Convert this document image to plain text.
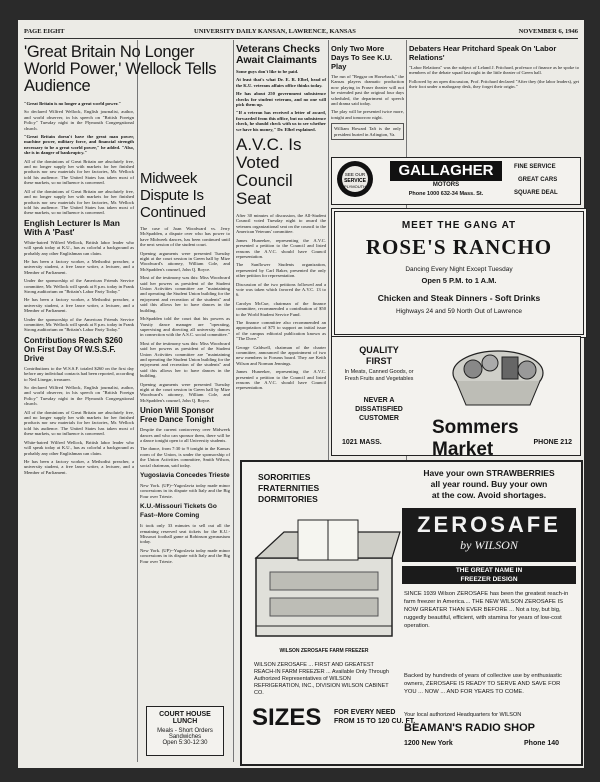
PAGE EIGHT	UNIVERSITY DAILY KANSAN, LAWRENCE, KANSAS	NOVEMBER 6, 1946
'Great Britain No Longer World Power,' Wellock Tells Audience

"Great Britain is no longer a great world power."

So declared Wilfred Wellock, English journalist, author, and world observer, in his speech on "British Foreign Policy" Tuesday night in the Plymouth Congregational church.

"Great Britain doesn't have the great man power, machine power, military force, and financial strength necessary to be a great world power," he added. "Also, she is in danger of bankruptcy."

All of the dominions of Great Britain are absolutely free, and no longer supply her with markets for her finished products nor raw materials for her factories, Mr. Wellock told his audience. The United States has taken most of these markets, so no influence is concerned.

All of the dominions of Great Britain are absolutely free, and no longer supply her with markets for her finished products nor raw materials for her factories, Mr. Wellock told his audience. The United States has taken most of these markets, so no influence is concerned.

English Lecturer Is Man With A 'Past'

White-haired Wilfred Wellock, British labor leader who will speak today at K.U., has as colorful a background as probably any other Englishman can claim.

He has been a factory worker, a Methodist preacher, a university student, a free lance writer, a lecturer, and a Member of Parliament.

Under the sponsorship of the American Friends Service committee, Mr. Wellock will speak at 8 p.m. today in Frank Strong auditorium on "Britain's Labor Party Today."

He has been a factory worker, a Methodist preacher, a university student, a free lance writer, a lecturer, and a Member of Parliament.

Under the sponsorship of the American Friends Service committee, Mr. Wellock will speak at 8 p.m. today in Frank Strong auditorium on "Britain's Labor Party Today."

Contributions Reach $260 On First Day Of W.S.S.F. Drive

Contributions to the W.S.S.F. totaled $260 on the first day before any individual contacts had been reported, according to Ned Linegar, treasurer.

So declared Wilfred Wellock, English journalist, author, and world observer, in his speech on "British Foreign Policy" Tuesday night in the Plymouth Congregational church.

All of the dominions of Great Britain are absolutely free, and no longer supply her with markets for her finished products nor raw materials for her factories, Mr. Wellock told his audience. The United States has taken most of these markets, so no influence is concerned.

White-haired Wilfred Wellock, British labor leader who will speak today at K.U., has as colorful a background as probably any other Englishman can claim.

He has been a factory worker, a Methodist preacher, a university student, a free lance writer, a lecturer, and a Member of Parliament.

Midweek Dispute Is Continued

The case of Joan Woodward vs. Jerry McSpadden, a dispute over who has power to have Midweek dances, has been continued until the next session of the student court.

Opening arguments were presented Tuesday night at the court session in Green hall by Mize Woodward's attorney, William Cole, and McSpadden's counsel, John Q. Royce.

Most of the testimony was this: Miss Woodward said her powers as president of the Student Union Activities committee are "maintaining and operating the Student Union building for the enjoyment and recreation of the students" and said this allows her to have dances in the building.

McSpadden told the court that his powers as Varsity dance manager are "operating, supervising and directing all university dances in connection with the A.S.C. social committee."

Most of the testimony was this: Miss Woodward said her powers as president of the Student Union Activities committee are "maintaining and operating the Student Union building for the enjoyment and recreation of the students" and said this allows her to have dances in the building.

Opening arguments were presented Tuesday night at the court session in Green hall by Mize Woodward's attorney, William Cole, and McSpadden's counsel, John Q. Royce.

Union Will Sponsor Free Dance Tonight

Despite the current controversy over Midweek dances and who can sponsor them, there will be a dance tonight open to all University students.

The dance, from 7:30 to 9 tonight in the Kansas room of the Union, is under the sponsorship of the Union Activities committee, Smith Wilson, social chairman, said today.

Yugoslavia Concedes Trieste

New York. (UP)--Yugoslavia today made minor concessions in its dispute with Italy and the Big Four over Trieste.

K.U.-Missouri Tickets Go Fast--More Coming

It took only 33 minutes to sell out all the remaining reserved seat tickets for the K.U.-Missouri football game at Robinson gymnasium today.

New York. (UP)--Yugoslavia today made minor concessions in its dispute with Italy and the Big Four over Trieste.

COURT HOUSE LUNCH
Meals - Short Orders
Sandwiches
Open 5:30-12:30
Veterans Checks Await Claimants

Some guys don't like to be paid.

At least that's what Dr. E. R. Elbel, head of the K.U. veterans affairs office thinks today.

He has about 250 government subsistence checks for student veterans, and no one will pick them up.

"If a veteran has received a letter of award, forwarded from this office, but no subsistence check, he should check with us to see whether we have his money," Dr. Elbel explained.

A.V.C. Is Voted Council Seat

After 30 minutes of discussion, the All-Student Council voted Tuesday night to award the veterans organizational seat on the council to the American Veterans' committee.

James Huneeker, representing the A.V.C. presented a petition to the Council and listed reasons the A.V.C. should have Council representation.

The Sunflower Students organization, represented by Carl Baker, presented the only other petition for representation.

Discussion of the two petitions followed and a vote was taken which favored the A.V.C. 13 to 6.

Carolyn McCue, chairman of the finance committee, recommended a contribution of $50 to the World Student Service Fund.

The finance committee also recommended an appropriation of $75 to support an initial issue of the campus editorial publication known as "The Dove."

George Caldwell, chairman of the charter committee, announced the appointment of two new members to Forums board. They are Keith Wilson and Norman Jennings.

James Huneeker, representing the A.V.C. presented a petition to the Council and listed reasons the A.V.C. should have Council representation.

Only Two More Days To See K.U. Play

The run of "Beggar on Horseback," the Kansas players dramatic production now playing in Fraser theater will not be extended past the original four days scheduled, the department of speech and drama said today.

The play will be presented twice more, tonight and tomorrow night.

William Howard Taft is the only president buried in Arlington, Va.

Debaters Hear Pritchard Speak On 'Labor Relations'

"Labor Relations" was the subject of Leland J. Pritchard, professor of finance as he spoke to members of the debate squad last night in the little theater of Green hall.

Followed by an open discussion, Prof. Pritchard declared "After they (the labor leaders), get their foot under a mahogany desk, they forget their origin."

SEE OUR
SERVICE
PLYMOUTH
GALLAGHER
MOTORS
Phone 1000 632-34 Mass. St.
FINE SERVICE
GREAT CARS
SQUARE DEAL
MEET THE GANG AT
ROSE'S RANCHO
Dancing Every Night Except Tuesday
Open 5 P.M. to 1 A.M.
Chicken and Steak Dinners - Soft Drinks
Highways 24 and 59 North Out of Lawrence
QUALITY
FIRST
In Meats, Canned Goods, or Fresh Fruits and Vegetables
NEVER A
DISSATISFIED
CUSTOMER	Sommers Market
1021 MASS.	PHONE 212
SORORITIES
FRATERNITIES
DORMITORIES
Have your own STRAWBERRIES
all year round. Buy your own
at the cow. Avoid shortages.
ZEROSAFE
by WILSON
WILSON ZEROSAFE FARM FREEZER
WILSON ZEROSAFE ... FIRST AND GREATEST REACH-IN FARM FREEZER ... Available Only Through Authorized Representatives of WILSON REFRIGERATION, INC., DIVISION WILSON CABINET CO.
THE GREAT NAME IN
FREEZER DESIGN

SINCE 1939 Wilson ZEROSAFE has been the greatest reach-in farm freezer in America.... THE NEW WILSON ZEROSAFE IS NOW GREATER THAN EVER BEFORE ... Not a toy, but big, ruggedly beautiful, efficient, with stamina for years of low-cost operation.

Backed by hundreds of years of collective use by enthusiastic owners, ZEROSAFE IS READY TO SERVE AND SAVE FOR YOU ... NOW ... AND FOR YEARS TO COME.

SIZES FOR EVERY NEED
FROM 15 TO 120 CU. FT.
Your local authorized Headquarters for WILSON
BEAMAN'S RADIO SHOP
1200 New York	Phone 140
